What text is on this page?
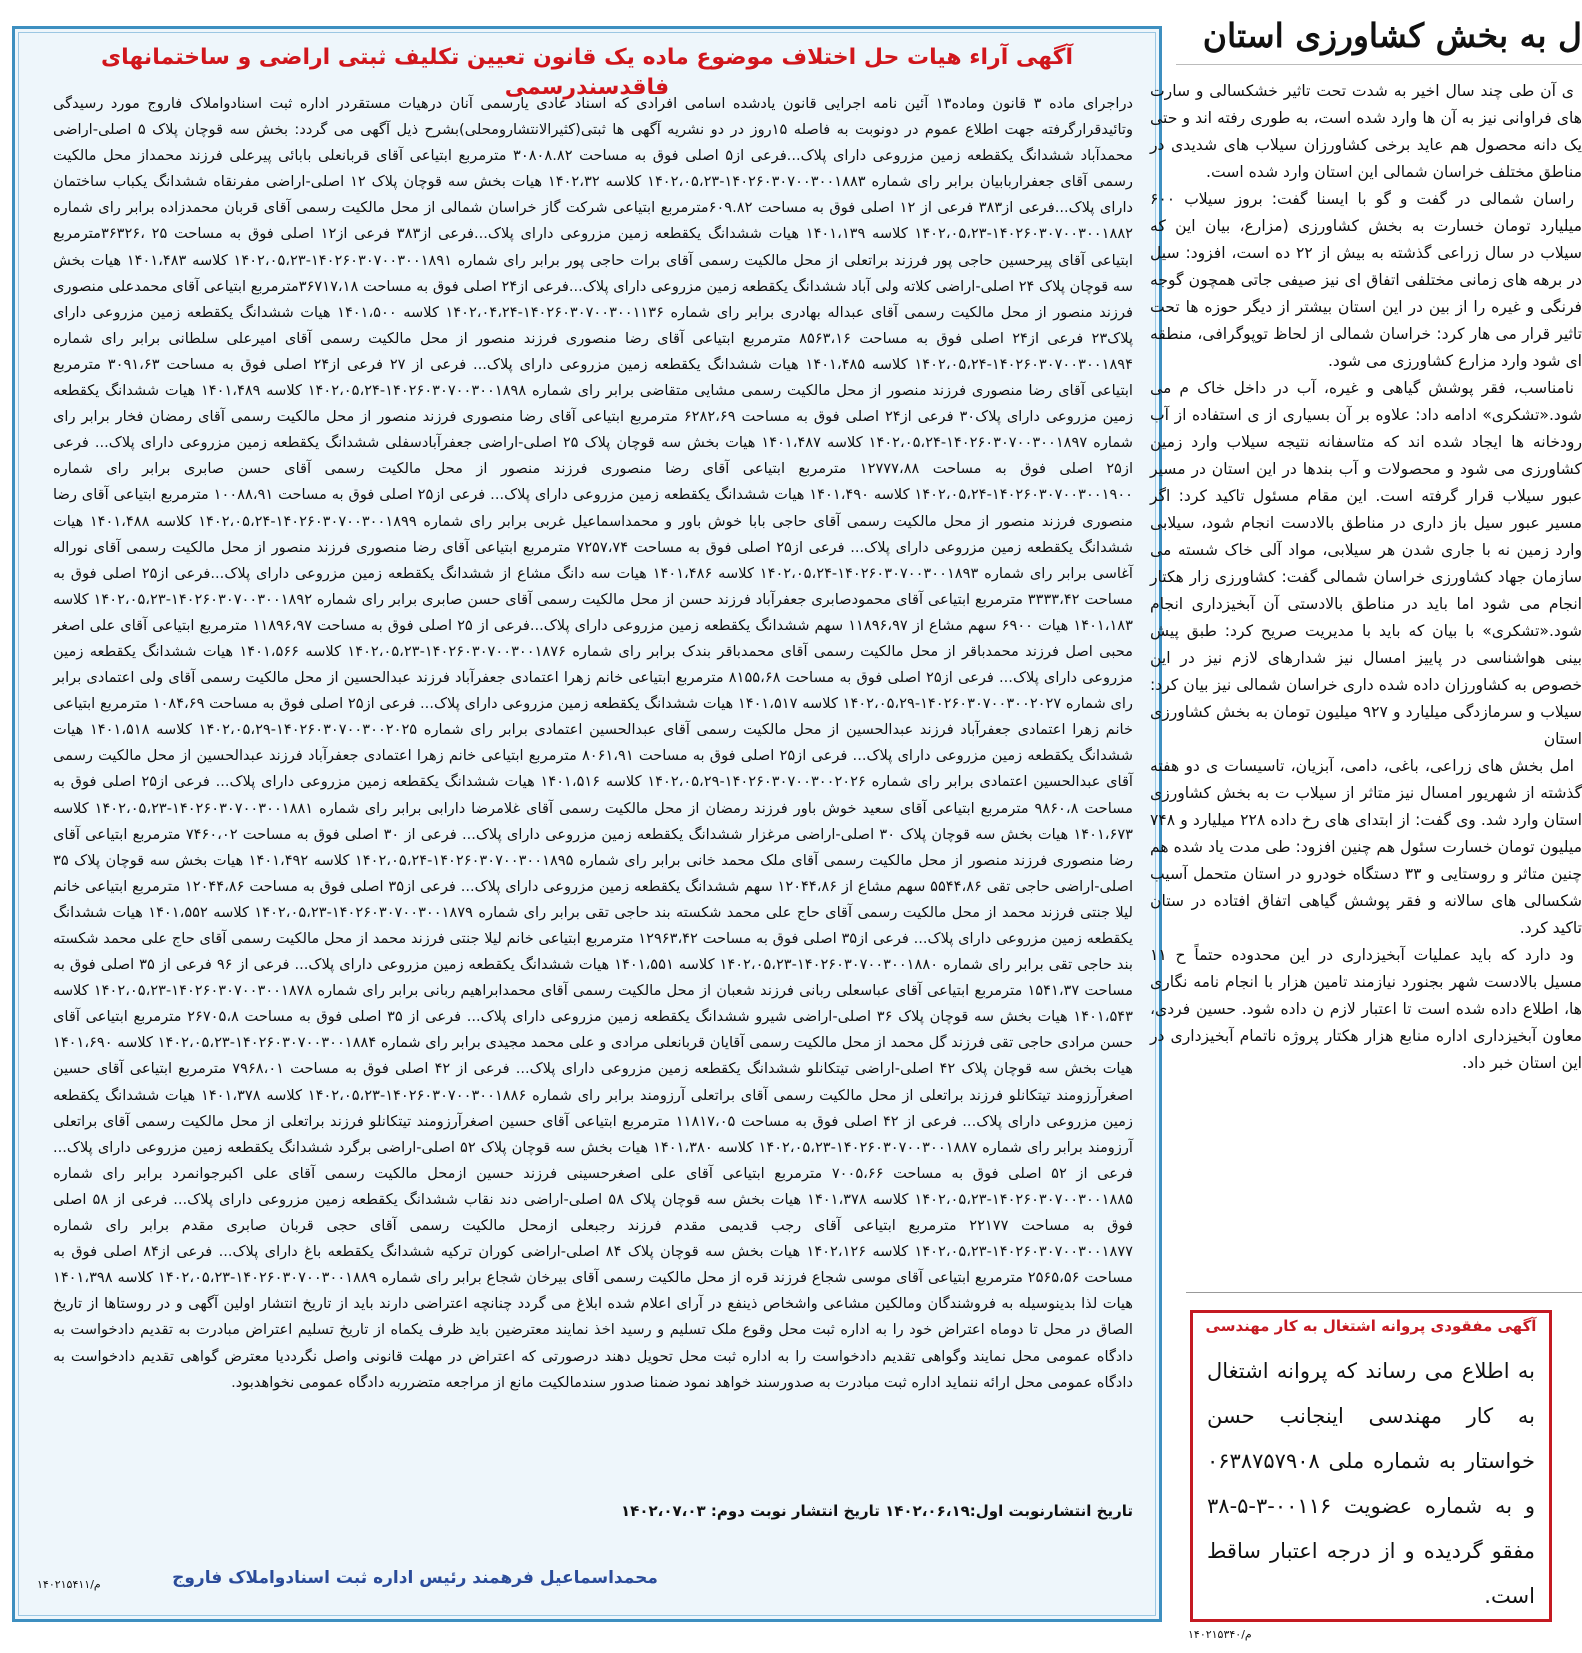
آگهی آراء هیات حل اختلاف موضوع ماده یک قانون تعیین تکلیف ثبتی اراضی و ساختمانهای فاقدسندرسمی

دراجرای ماده ۳ قانون وماده۱۳ آئین نامه اجرایی قانون یادشده اسامی افرادی که اسناد عادی یارسمی آنان درهیات مستقردر اداره ثبت اسنادواملاک فاروج مورد رسیدگی وتائیدقرارگرفته جهت اطلاع عموم در دونوبت به فاصله ۱۵روز در دو نشریه آگهی ها ثبتی(کثیرالانتشارومحلی)بشرح ذیل آگهی می گردد: بخش سه قوچان پلاک ۵ اصلی-اراضی محمدآباد ششدانگ یکقطعه زمین مزروعی دارای پلاک...فرعی از۵ اصلی فوق به مساحت ۳۰۸۰۸.۸۲ مترمربع ابتیاعی آقای قربانعلی بابائی پیرعلی فرزند محمداز محل مالکیت رسمی آقای جعفراربابیان برابر رای شماره ۱۴۰۲۶۰۳۰۷۰۰۳۰۰۱۸۸۳-۱۴۰۲،۰۵،۲۳ کلاسه ۱۴۰۲،۳۲ هیات بخش سه قوچان پلاک ۱۲ اصلی-اراضی مفرنقاه ششدانگ یکباب ساختمان دارای پلاک...فرعی از۳۸۳ فرعی از ۱۲ اصلی فوق به مساحت ۶۰۹.۸۲مترمربع ابتیاعی شرکت گاز خراسان شمالی از محل مالکیت رسمی آقای قربان محمدزاده برابر رای شماره ۱۴۰۲۶۰۳۰۷۰۰۳۰۰۱۸۸۲-۱۴۰۲،۰۵،۲۳ کلاسه ۱۴۰۱،۱۳۹ هیات ششدانگ یکقطعه زمین مزروعی دارای پلاک...فرعی از۳۸۳ فرعی از۱۲ اصلی فوق به مساحت ۲۵ ،۳۶۳۲۶مترمربع ابتیاعی آقای پیرحسین حاجی پور فرزند براتعلی از محل مالکیت رسمی آقای برات حاجی پور برابر رای شماره ۱۴۰۲۶۰۳۰۷۰۰۳۰۰۱۸۹۱-۱۴۰۲،۰۵،۲۳ کلاسه ۱۴۰۱،۴۸۳ هیات بخش سه قوچان پلاک ۲۴ اصلی-اراضی کلاته ولی آباد ششدانگ یکقطعه زمین مزروعی دارای پلاک...فرعی از۲۴ اصلی فوق به مساحت ۳۶۷۱۷،۱۸مترمربع ابتیاعی آقای محمدعلی منصوری فرزند منصور از محل مالکیت رسمی آقای عبداله بهادری برابر رای شماره ۱۴۰۲۶۰۳۰۷۰۰۳۰۰۱۱۳۶-۱۴۰۲،۰۴،۲۴ کلاسه ۱۴۰۱،۵۰۰ هیات ششدانگ یکقطعه زمین مزروعی دارای پلاک۲۳ فرعی از۲۴ اصلی فوق به مساحت ۸۵۶۳،۱۶ مترمربع ابتیاعی آقای رضا منصوری فرزند منصور از محل مالکیت رسمی آقای امیرعلی سلطانی برابر رای شماره ۱۴۰۲۶۰۳۰۷۰۰۳۰۰۱۸۹۴-۱۴۰۲،۰۵،۲۴ کلاسه ۱۴۰۱،۴۸۵ هیات ششدانگ یکقطعه زمین مزروعی دارای پلاک... فرعی از ۲۷ فرعی از۲۴ اصلی فوق به مساحت ۳۰۹۱،۶۳ مترمربع ابتیاعی آقای رضا منصوری فرزند منصور از محل مالکیت رسمی مشایی متقاضی برابر رای شماره ۱۴۰۲۶۰۳۰۷۰۰۳۰۰۱۸۹۸-۱۴۰۲،۰۵،۲۴ کلاسه ۱۴۰۱،۴۸۹ هیات ششدانگ یکقطعه زمین مزروعی دارای پلاک۳۰ فرعی از۲۴ اصلی فوق به مساحت ۶۲۸۲،۶۹ مترمربع ابتیاعی آقای رضا منصوری فرزند منصور از محل مالکیت رسمی آقای رمضان فخار برابر رای شماره ۱۴۰۲۶۰۳۰۷۰۰۳۰۰۱۸۹۷-۱۴۰۲،۰۵،۲۴ کلاسه ۱۴۰۱،۴۸۷ هیات بخش سه قوچان پلاک ۲۵ اصلی-اراضی جعفرآبادسفلی ششدانگ یکقطعه زمین مزروعی دارای پلاک... فرعی از۲۵ اصلی فوق به مساحت ۱۲۷۷۷،۸۸ مترمربع ابتیاعی آقای رضا منصوری فرزند منصور از محل مالکیت رسمی آقای حسن صابری برابر رای شماره ۱۴۰۲۶۰۳۰۷۰۰۳۰۰۱۹۰۰-۱۴۰۲،۰۵،۲۴ کلاسه ۱۴۰۱،۴۹۰ هیات ششدانگ یکقطعه زمین مزروعی دارای پلاک... فرعی از۲۵ اصلی فوق به مساحت ۱۰۰۸۸،۹۱ مترمربع ابتیاعی آقای رضا منصوری فرزند منصور از محل مالکیت رسمی آقای حاجی بابا خوش باور و محمداسماعیل غربی برابر رای شماره ۱۴۰۲۶۰۳۰۷۰۰۳۰۰۱۸۹۹-۱۴۰۲،۰۵،۲۴ کلاسه ۱۴۰۱،۴۸۸ هیات ششدانگ یکقطعه زمین مزروعی دارای پلاک... فرعی از۲۵ اصلی فوق به مساحت ۷۲۵۷،۷۴ مترمربع ابتیاعی آقای رضا منصوری فرزند منصور از محل مالکیت رسمی آقای نوراله آغاسی برابر رای شماره ۱۴۰۲۶۰۳۰۷۰۰۳۰۰۱۸۹۳-۱۴۰۲،۰۵،۲۴ کلاسه ۱۴۰۱،۴۸۶ هیات سه دانگ مشاع از ششدانگ یکقطعه زمین مزروعی دارای پلاک...فرعی از۲۵ اصلی فوق به مساحت ۳۳۳۳،۴۲ مترمربع ابتیاعی آقای محمودصابری جعفرآباد فرزند حسن از محل مالکیت رسمی آقای حسن صابری برابر رای شماره ۱۴۰۲۶۰۳۰۷۰۰۳۰۰۱۸۹۲-۱۴۰۲،۰۵،۲۳ کلاسه ۱۴۰۱،۱۸۳ هیات ۶۹۰۰ سهم مشاع از ۱۱۸۹۶،۹۷ سهم ششدانگ یکقطعه زمین مزروعی دارای پلاک...فرعی از ۲۵ اصلی فوق به مساحت ۱۱۸۹۶،۹۷ مترمربع ابتیاعی آقای علی اصغر محبی اصل فرزند محمدباقر از محل مالکیت رسمی آقای محمدباقر بندک برابر رای شماره ۱۴۰۲۶۰۳۰۷۰۰۳۰۰۱۸۷۶-۱۴۰۲،۰۵،۲۳ کلاسه ۱۴۰۱،۵۶۶ هیات ششدانگ یکقطعه زمین مزروعی دارای پلاک... فرعی از۲۵ اصلی فوق به مساحت ۸۱۵۵،۶۸ مترمربع ابتیاعی خانم زهرا اعتمادی جعفرآباد فرزند عبدالحسین از محل مالکیت رسمی آقای ولی اعتمادی برابر رای شماره ۱۴۰۲۶۰۳۰۷۰۰۳۰۰۲۰۲۷-۱۴۰۲،۰۵،۲۹ کلاسه ۱۴۰۱،۵۱۷ هیات ششدانگ یکقطعه زمین مزروعی دارای پلاک... فرعی از۲۵ اصلی فوق به مساحت ۱۰۸۴،۶۹ مترمربع ابتیاعی خانم زهرا اعتمادی جعفرآباد فرزند عبدالحسین از محل مالکیت رسمی آقای عبدالحسین اعتمادی برابر رای شماره ۱۴۰۲۶۰۳۰۷۰۰۳۰۰۲۰۲۵-۱۴۰۲،۰۵،۲۹ کلاسه ۱۴۰۱،۵۱۸ هیات ششدانگ یکقطعه زمین مزروعی دارای پلاک... فرعی از۲۵ اصلی فوق به مساحت ۸۰۶۱،۹۱ مترمربع ابتیاعی خانم زهرا اعتمادی جعفرآباد فرزند عبدالحسین از محل مالکیت رسمی آقای عبدالحسین اعتمادی برابر رای شماره ۱۴۰۲۶۰۳۰۷۰۰۳۰۰۲۰۲۶-۱۴۰۲،۰۵،۲۹ کلاسه ۱۴۰۱،۵۱۶ هیات ششدانگ یکقطعه زمین مزروعی دارای پلاک... فرعی از۲۵ اصلی فوق به مساحت ۹۸۶۰،۸ مترمربع ابتیاعی آقای سعید خوش باور فرزند رمضان از محل مالکیت رسمی آقای غلامرضا دارابی برابر رای شماره ۱۴۰۲۶۰۳۰۷۰۰۳۰۰۱۸۸۱-۱۴۰۲،۰۵،۲۳ کلاسه ۱۴۰۱،۶۷۳ هیات بخش سه قوچان پلاک ۳۰ اصلی-اراضی مرغزار ششدانگ یکقطعه زمین مزروعی دارای پلاک... فرعی از ۳۰ اصلی فوق به مساحت ۷۴۶۰،۰۲ مترمربع ابتیاعی آقای رضا منصوری فرزند منصور از محل مالکیت رسمی آقای ملک محمد خانی برابر رای شماره ۱۴۰۲۶۰۳۰۷۰۰۳۰۰۱۸۹۵-۱۴۰۲،۰۵،۲۴ کلاسه ۱۴۰۱،۴۹۲ هیات بخش سه قوچان پلاک ۳۵ اصلی-اراضی حاجی تقی ۵۵۴۴،۸۶ سهم مشاع از ۱۲۰۴۴،۸۶ سهم ششدانگ یکقطعه زمین مزروعی دارای پلاک... فرعی از۳۵ اصلی فوق به مساحت ۱۲۰۴۴،۸۶ مترمربع ابتیاعی خانم لیلا جنتی فرزند محمد از محل مالکیت رسمی آقای حاج علی محمد شکسته بند حاجی تقی برابر رای شماره ۱۴۰۲۶۰۳۰۷۰۰۳۰۰۱۸۷۹-۱۴۰۲،۰۵،۲۳ کلاسه ۱۴۰۱،۵۵۲ هیات ششدانگ یکقطعه زمین مزروعی دارای پلاک... فرعی از۳۵ اصلی فوق به مساحت ۱۲۹۶۳،۴۲ مترمربع ابتیاعی خانم لیلا جنتی فرزند محمد از محل مالکیت رسمی آقای حاج علی محمد شکسته بند حاجی تقی برابر رای شماره ۱۴۰۲۶۰۳۰۷۰۰۳۰۰۱۸۸۰-۱۴۰۲،۰۵،۲۳ کلاسه ۱۴۰۱،۵۵۱ هیات ششدانگ یکقطعه زمین مزروعی دارای پلاک... فرعی از ۹۶ فرعی از ۳۵ اصلی فوق به مساحت ۱۵۴۱،۳۷ مترمربع ابتیاعی آقای عباسعلی ربانی فرزند شعبان از محل مالکیت رسمی آقای محمدابراهیم ربانی برابر رای شماره ۱۴۰۲۶۰۳۰۷۰۰۳۰۰۱۸۷۸-۱۴۰۲،۰۵،۲۳ کلاسه ۱۴۰۱،۵۴۳ هیات بخش سه قوچان پلاک ۳۶ اصلی-اراضی شیرو ششدانگ یکقطعه زمین مزروعی دارای پلاک... فرعی از ۳۵ اصلی فوق به مساحت ۲۶۷۰۵،۸ مترمربع ابتیاعی آقای حسن مرادی حاجی تقی فرزند گل محمد از محل مالکیت رسمی آقایان قربانعلی مرادی و علی محمد مجیدی برابر رای شماره ۱۴۰۲۶۰۳۰۷۰۰۳۰۰۱۸۸۴-۱۴۰۲،۰۵،۲۳ کلاسه ۱۴۰۱،۶۹۰ هیات بخش سه قوچان پلاک ۴۲ اصلی-اراضی تیتکانلو ششدانگ یکقطعه زمین مزروعی دارای پلاک... فرعی از ۴۲ اصلی فوق به مساحت ۷۹۶۸،۰۱ مترمربع ابتیاعی آقای حسین اصغرآرزومند تیتکانلو فرزند براتعلی از محل مالکیت رسمی آقای براتعلی آرزومند برابر رای شماره ۱۴۰۲۶۰۳۰۷۰۰۳۰۰۱۸۸۶-۱۴۰۲،۰۵،۲۳ کلاسه ۱۴۰۱،۳۷۸ هیات ششدانگ یکقطعه زمین مزروعی دارای پلاک... فرعی از ۴۲ اصلی فوق به مساحت ۱۱۸۱۷،۰۵ مترمربع ابتیاعی آقای حسین اصغرآرزومند تیتکانلو فرزند براتعلی از محل مالکیت رسمی آقای براتعلی آرزومند برابر رای شماره ۱۴۰۲۶۰۳۰۷۰۰۳۰۰۱۸۸۷-۱۴۰۲،۰۵،۲۳ کلاسه ۱۴۰۱،۳۸۰ هیات بخش سه قوچان پلاک ۵۲ اصلی-اراضی برگرد ششدانگ یکقطعه زمین مزروعی دارای پلاک... فرعی از ۵۲ اصلی فوق به مساحت ۷۰۰۵،۶۶ مترمربع ابتیاعی آقای علی اصغرحسینی فرزند حسین ازمحل مالکیت رسمی آقای علی اکبرجوانمرد برابر رای شماره ۱۴۰۲۶۰۳۰۷۰۰۳۰۰۱۸۸۵-۱۴۰۲،۰۵،۲۳ کلاسه ۱۴۰۱،۳۷۸ هیات بخش سه قوچان پلاک ۵۸ اصلی-اراضی دند نقاب ششدانگ یکقطعه زمین مزروعی دارای پلاک... فرعی از ۵۸ اصلی فوق به مساحت ۲۲۱۷۷ مترمربع ابتیاعی آقای رجب قدیمی مقدم فرزند رجبعلی ازمحل مالکیت رسمی آقای حجی قربان صابری مقدم برابر رای شماره ۱۴۰۲۶۰۳۰۷۰۰۳۰۰۱۸۷۷-۱۴۰۲،۰۵،۲۳ کلاسه ۱۴۰۲،۱۲۶ هیات بخش سه قوچان پلاک ۸۴ اصلی-اراضی کوران ترکیه ششدانگ یکقطعه باغ دارای پلاک... فرعی از۸۴ اصلی فوق به مساحت ۲۵۶۵،۵۶ مترمربع ابتیاعی آقای موسی شجاع فرزند قره از محل مالکیت رسمی آقای بیرخان شجاع برابر رای شماره ۱۴۰۲۶۰۳۰۷۰۰۳۰۰۱۸۸۹-۱۴۰۲،۰۵،۲۳ کلاسه ۱۴۰۱،۳۹۸ هیات لذا بدینوسیله به فروشندگان ومالکین مشاعی واشخاص ذینفع در آرای اعلام شده ابلاغ می گردد چنانچه اعتراضی دارند باید از تاریخ انتشار اولین آگهی و در روستاها از تاریخ الصاق در محل تا دوماه اعتراض خود را به اداره ثبت محل وقوع ملک تسلیم و رسید اخذ نمایند معترضین باید ظرف یکماه از تاریخ تسلیم اعتراض مبادرت به تقدیم دادخواست به دادگاه عمومی محل نمایند وگواهی تقدیم دادخواست را به اداره ثبت محل تحویل دهند درصورتی که اعتراض در مهلت قانونی واصل نگرددیا معترض گواهی تقدیم دادخواست به دادگاه عمومی محل ارائه ننماید اداره ثبت مبادرت به صدورسند خواهد نمود ضمنا صدور سندمالکیت مانع از مراجعه متضرربه دادگاه عمومی نخواهدبود.

تاریخ انتشارنوبت اول:۱۴۰۲،۰۶،۱۹ تاریخ انتشار نوبت دوم: ۱۴۰۲،۰۷،۰۳
محمداسماعیل فرهمند رئیس اداره ثبت اسنادواملاک فاروج
م/۱۴۰۲۱۵۴۱۱
ل به بخش کشاورزی استان

ی آن طی چند سال اخیر به شدت تحت تاثیر خشکسالی و سارت های فراوانی نیز به آن ها وارد شده است، به طوری رفته اند و حتی یک دانه محصول هم عاید برخی کشاورزان سیلاب های شدیدی در مناطق مختلف خراسان شمالی این استان وارد شده است.

راسان شمالی در گفت و گو با ایسنا گفت: بروز سیلاب ۶۰۰ میلیارد تومان خسارت به بخش کشاورزی (مزارع، بیان این که سیلاب در سال زراعی گذشته به بیش از ۲۲ ده است، افزود: سیل در برهه های زمانی مختلفی اتفاق ای نیز صیفی جاتی همچون گوجه فرنگی و غیره را از بین در این استان بیشتر از دیگر حوزه ها تحت تاثیر قرار می هار کرد: خراسان شمالی از لحاظ توپوگرافی، منطقه ای شود وارد مزارع کشاورزی می شود.

نامناسب، فقر پوشش گیاهی و غیره، آب در داخل خاک م می شود.«تشکری» ادامه داد: علاوه بر آن بسیاری از ی استفاده از آب رودخانه ها ایجاد شده اند که متاسفانه نتیجه سیلاب وارد زمین کشاورزی می شود و محصولات و آب بندها در این استان در مسیر عبور سیلاب قرار گرفته است. این مقام مسئول تاکید کرد: اگر مسیر عبور سیل باز داری در مناطق بالادست انجام شود، سیلابی وارد زمین نه با جاری شدن هر سیلابی، مواد آلی خاک شسته می سازمان جهاد کشاورزی خراسان شمالی گفت: کشاورزی زار هکتار انجام می شود اما باید در مناطق بالادستی آن آبخیزداری انجام شود.«تشکری» با بیان که باید با مدیریت صریح کرد: طبق پیش بینی هواشناسی در پاییز امسال نیز شدارهای لازم نیز در این خصوص به کشاورزان داده شده داری خراسان شمالی نیز بیان کرد: سیلاب و سرمازدگی میلیارد و ۹۲۷ میلیون تومان به بخش کشاورزی استان

امل بخش های زراعی، باغی، دامی، آبزیان، تاسیسات ی دو هفته گذشته از شهریور امسال نیز متاثر از سیلاب ت به بخش کشاورزی استان وارد شد. وی گفت: از ابتدای های رخ داده ۲۲۸ میلیارد و ۷۴۸ میلیون تومان خسارت سئول هم چنین افزود: طی مدت یاد شده هم چنین متاثر و روستایی و ۳۳ دستگاه خودرو در استان متحمل آسیب شکسالی های سالانه و فقر پوشش گیاهی اتفاق افتاده در ستان تاکید کرد.

ود دارد که باید عملیات آبخیزداری در این محدوده حتماً ح ۱۱ مسیل بالادست شهر بجنورد نیازمند تامین هزار با انجام نامه نگاری ها، اطلاع داده شده است تا اعتبار لازم ن داده شود. حسین فردی، معاون آبخیزداری اداره منابع هزار هکتار پروژه ناتمام آبخیزداری در این استان خبر داد.

آگهی مفقودی پروانه اشتغال به کار مهندسی
به اطلاع می رساند که پروانه اشتغال به کار مهندسی اینجانب حسن خواستار به شماره ملی ۰۶۳۸۷۵۷۹۰۸ و به شماره عضویت ۰۰۱۱۶-۳-۵-۳۸ مفقو گردیده و از درجه اعتبار ساقط است.
م/۱۴۰۲۱۵۳۴۰
